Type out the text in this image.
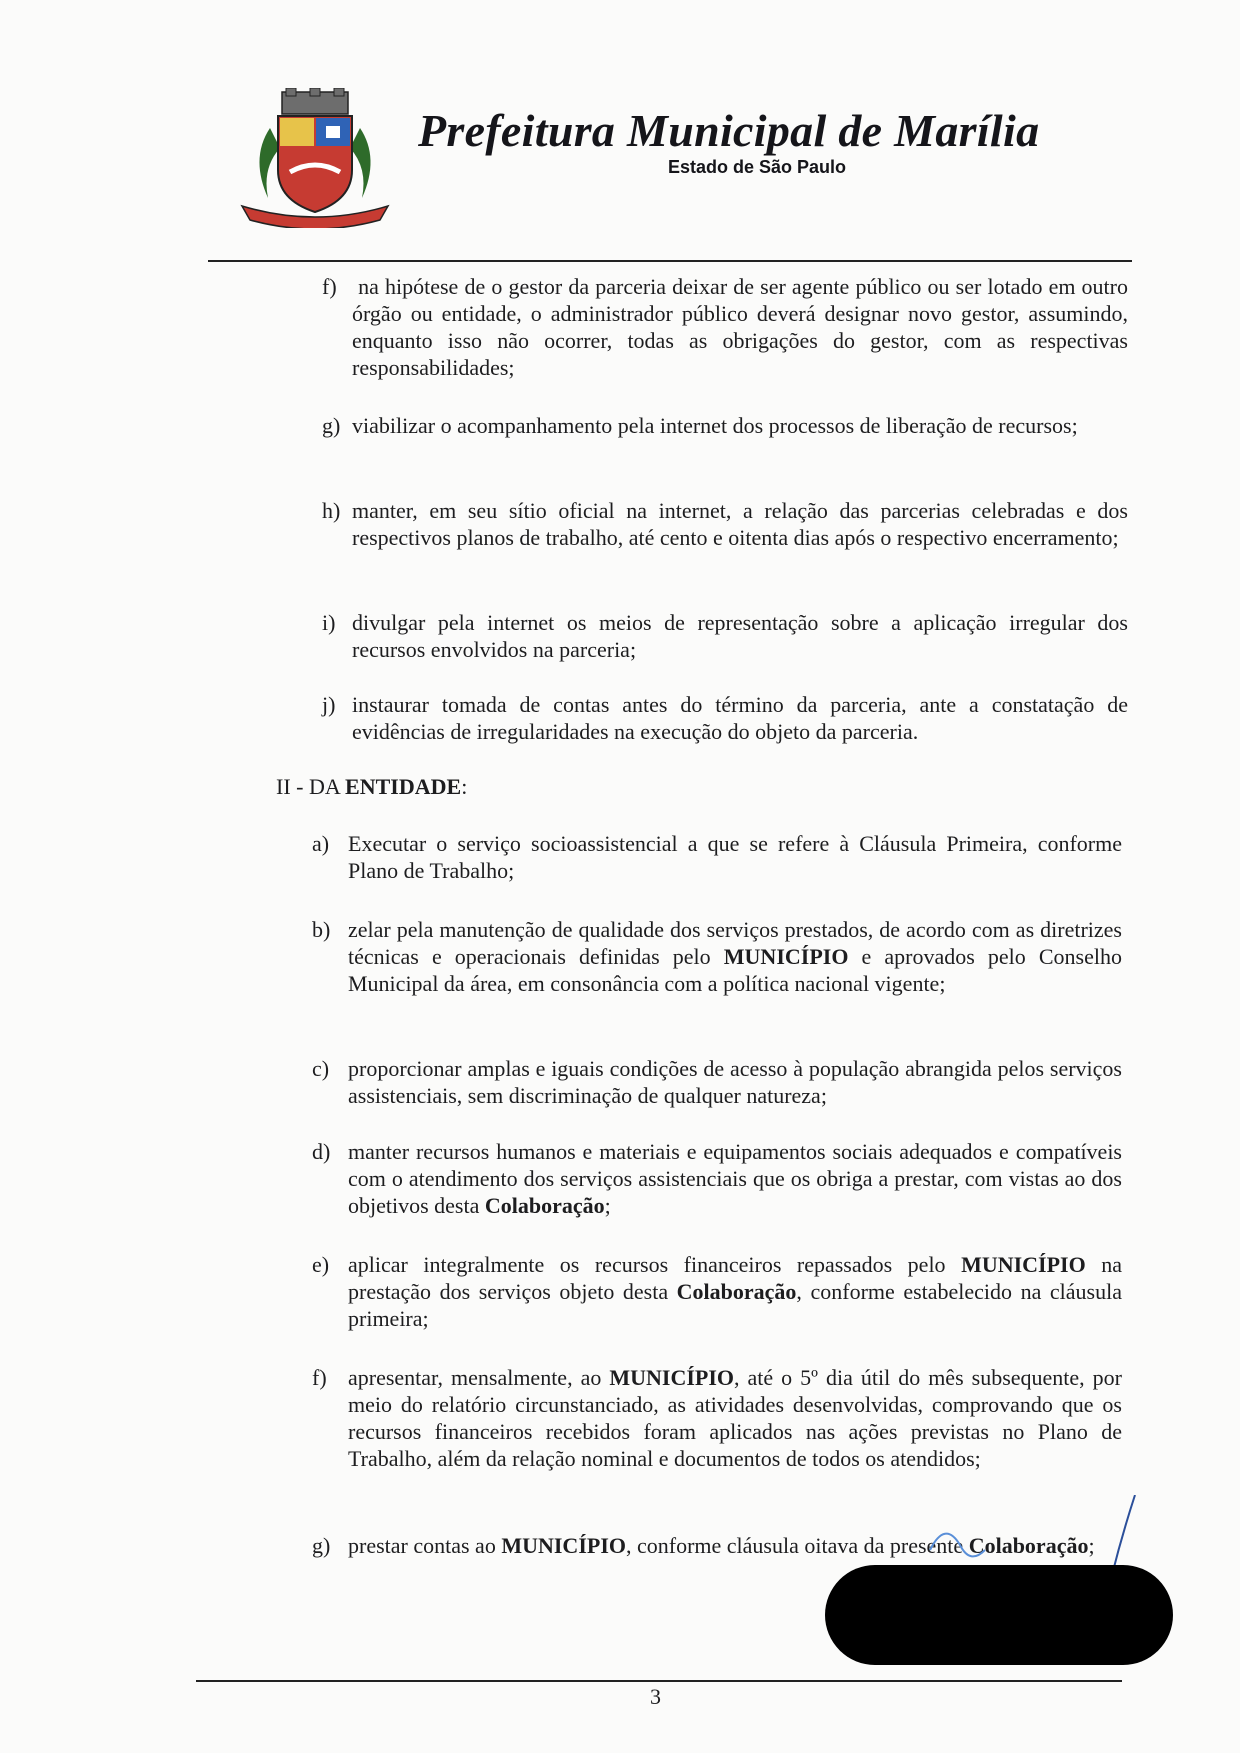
Prefeitura Municipal de Marília
Estado de São Paulo
f) na hipótese de o gestor da parceria deixar de ser agente público ou ser lotado em outro órgão ou entidade, o administrador público deverá designar novo gestor, assumindo, enquanto isso não ocorrer, todas as obrigações do gestor, com as respectivas responsabilidades;
g) viabilizar o acompanhamento pela internet dos processos de liberação de recursos;
h) manter, em seu sítio oficial na internet, a relação das parcerias celebradas e dos respectivos planos de trabalho, até cento e oitenta dias após o respectivo encerramento;
i) divulgar pela internet os meios de representação sobre a aplicação irregular dos recursos envolvidos na parceria;
j) instaurar tomada de contas antes do término da parceria, ante a constatação de evidências de irregularidades na execução do objeto da parceria.
II - DA ENTIDADE:
a) Executar o serviço socioassistencial a que se refere à Cláusula Primeira, conforme Plano de Trabalho;
b) zelar pela manutenção de qualidade dos serviços prestados, de acordo com as diretrizes técnicas e operacionais definidas pelo MUNICÍPIO e aprovados pelo Conselho Municipal da área, em consonância com a política nacional vigente;
c) proporcionar amplas e iguais condições de acesso à população abrangida pelos serviços assistenciais, sem discriminação de qualquer natureza;
d) manter recursos humanos e materiais e equipamentos sociais adequados e compatíveis com o atendimento dos serviços assistenciais que os obriga a prestar, com vistas ao dos objetivos desta Colaboração;
e) aplicar integralmente os recursos financeiros repassados pelo MUNICÍPIO na prestação dos serviços objeto desta Colaboração, conforme estabelecido na cláusula primeira;
f) apresentar, mensalmente, ao MUNICÍPIO, até o 5º dia útil do mês subsequente, por meio do relatório circunstanciado, as atividades desenvolvidas, comprovando que os recursos financeiros recebidos foram aplicados nas ações previstas no Plano de Trabalho, além da relação nominal e documentos de todos os atendidos;
g) prestar contas ao MUNICÍPIO, conforme cláusula oitava da presente Colaboração;
3
